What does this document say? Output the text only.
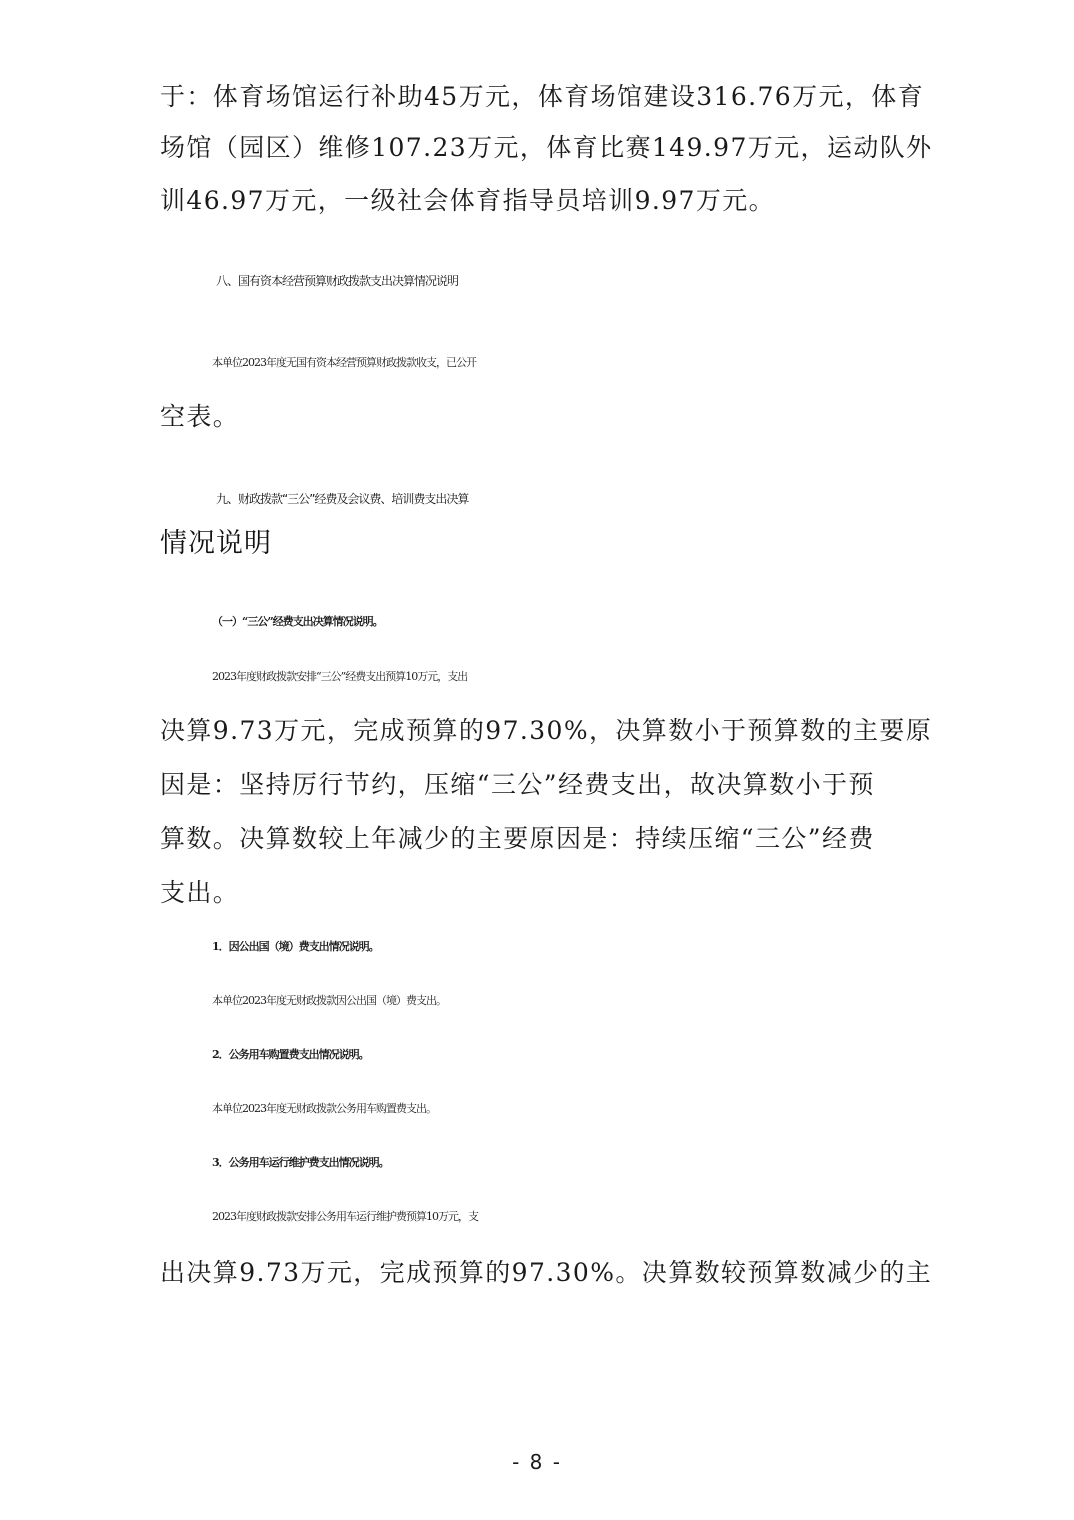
于：体育场馆运行补助45万元，体育场馆建设316.76万元，体育
场馆（园区）维修107.23万元，体育比赛149.97万元，运动队外
训46.97万元，一级社会体育指导员培训9.97万元。
八、国有资本经营预算财政拨款支出决算情况说明
本单位2023年度无国有资本经营预算财政拨款收支，已公开
空表。
九、财政拨款“三公”经费及会议费、培训费支出决算
情况说明
（一）“三公”经费支出决算情况说明。
2023年度财政拨款安排“三公”经费支出预算10万元，支出
决算9.73万元，完成预算的97.30%，决算数小于预算数的主要原
因是：坚持厉行节约，压缩“三公”经费支出，故决算数小于预
算数。决算数较上年减少的主要原因是：持续压缩“三公”经费
支出。
1．因公出国（境）费支出情况说明。
本单位2023年度无财政拨款因公出国（境）费支出。
2．公务用车购置费支出情况说明。
本单位2023年度无财政拨款公务用车购置费支出。
3．公务用车运行维护费支出情况说明。
2023年度财政拨款安排公务用车运行维护费预算10万元，支
出决算9.73万元，完成预算的97.30%。决算数较预算数减少的主
- 8 -
